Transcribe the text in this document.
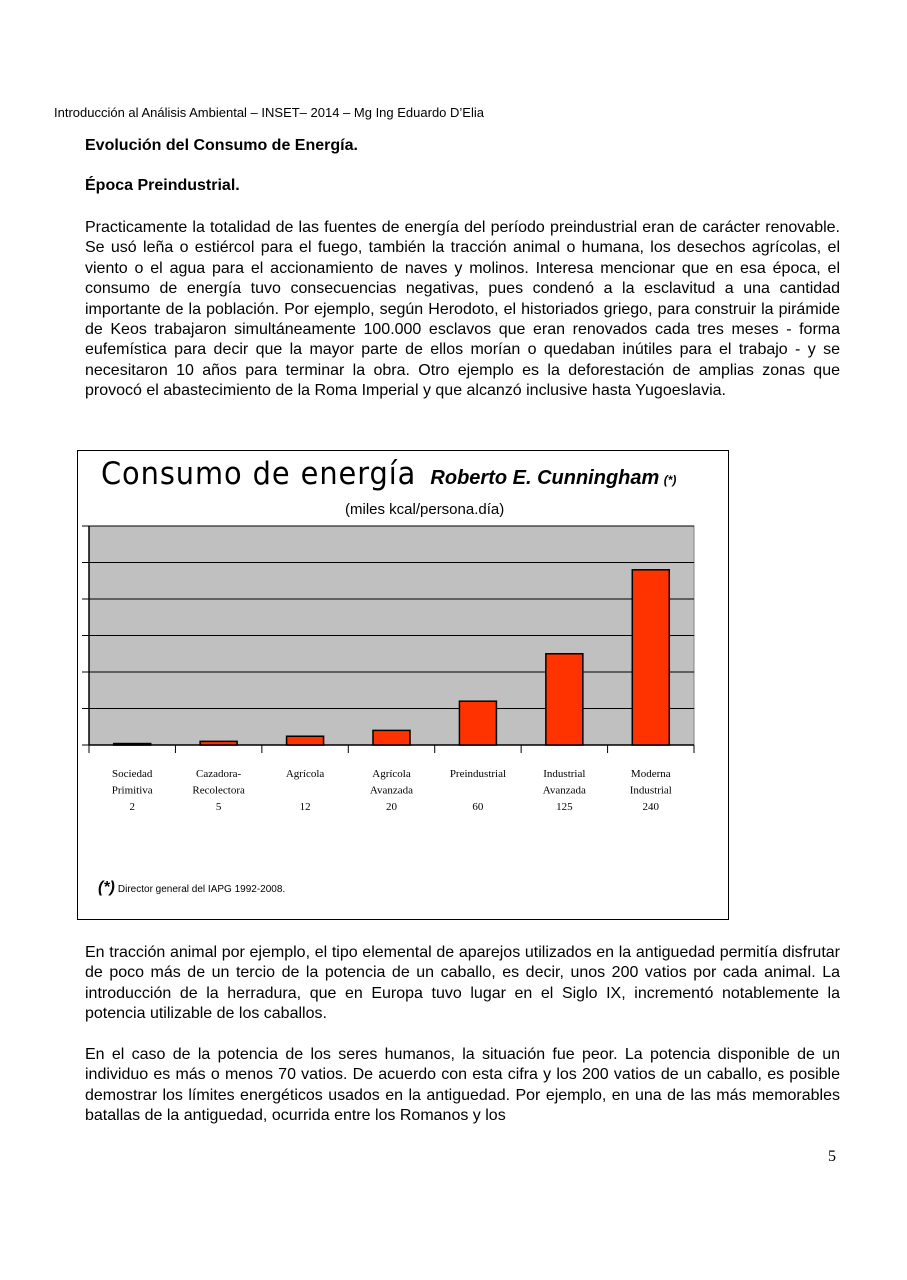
Introducción al Análisis Ambiental – INSET– 2014 – Mg Ing Eduardo D’Elia
Evolución del Consumo de Energía.
Época Preindustrial.

Practicamente la totalidad de las fuentes de energía del período preindustrial eran de carácter renovable. Se usó leña o estiércol para el fuego, también la tracción animal o humana, los desechos agrícolas, el viento o el agua para el accionamiento de naves y molinos. Interesa mencionar que en esa época, el consumo de energía tuvo consecuencias negativas, pues condenó a la esclavitud a una cantidad importante de la población. Por ejemplo, según Herodoto, el historiados griego, para construir la pirámide de Keos trabajaron simultáneamente 100.000 esclavos que eran renovados cada tres meses - forma eufemística para decir que la mayor parte de ellos morían o quedaban inútiles para el trabajo - y se necesitaron 10 años para terminar la obra. Otro ejemplo es la deforestación de amplias zonas que provocó el abastecimiento de la Roma Imperial y que alcanzó inclusive hasta Yugoeslavia.

Consumo de energía Roberto E. Cunningham (*)
(miles kcal/persona.día)
Sociedad
Primitiva
2
Cazadora-
Recolectora
5
Agrícola
12
Agrícola
Avanzada
20
Preindustrial
60
Industrial
Avanzada
125
Moderna
Industrial
240
(*) Director general del IAPG 1992-2008.

En tracción animal por ejemplo, el tipo elemental de aparejos utilizados en la antiguedad permitía disfrutar de poco más de un tercio de la potencia de un caballo, es decir, unos 200 vatios por cada animal. La introducción de la herradura, que en Europa tuvo lugar en el Siglo IX, incrementó notablemente la potencia utilizable de los caballos.

En el caso de la potencia de los seres humanos, la situación fue peor. La potencia disponible de un individuo es más o menos 70 vatios. De acuerdo con esta cifra y los 200 vatios de un caballo, es posible demostrar los límites energéticos usados en la antiguedad. Por ejemplo, en una de las más memorables batallas de la antiguedad, ocurrida entre los Romanos y los

5
